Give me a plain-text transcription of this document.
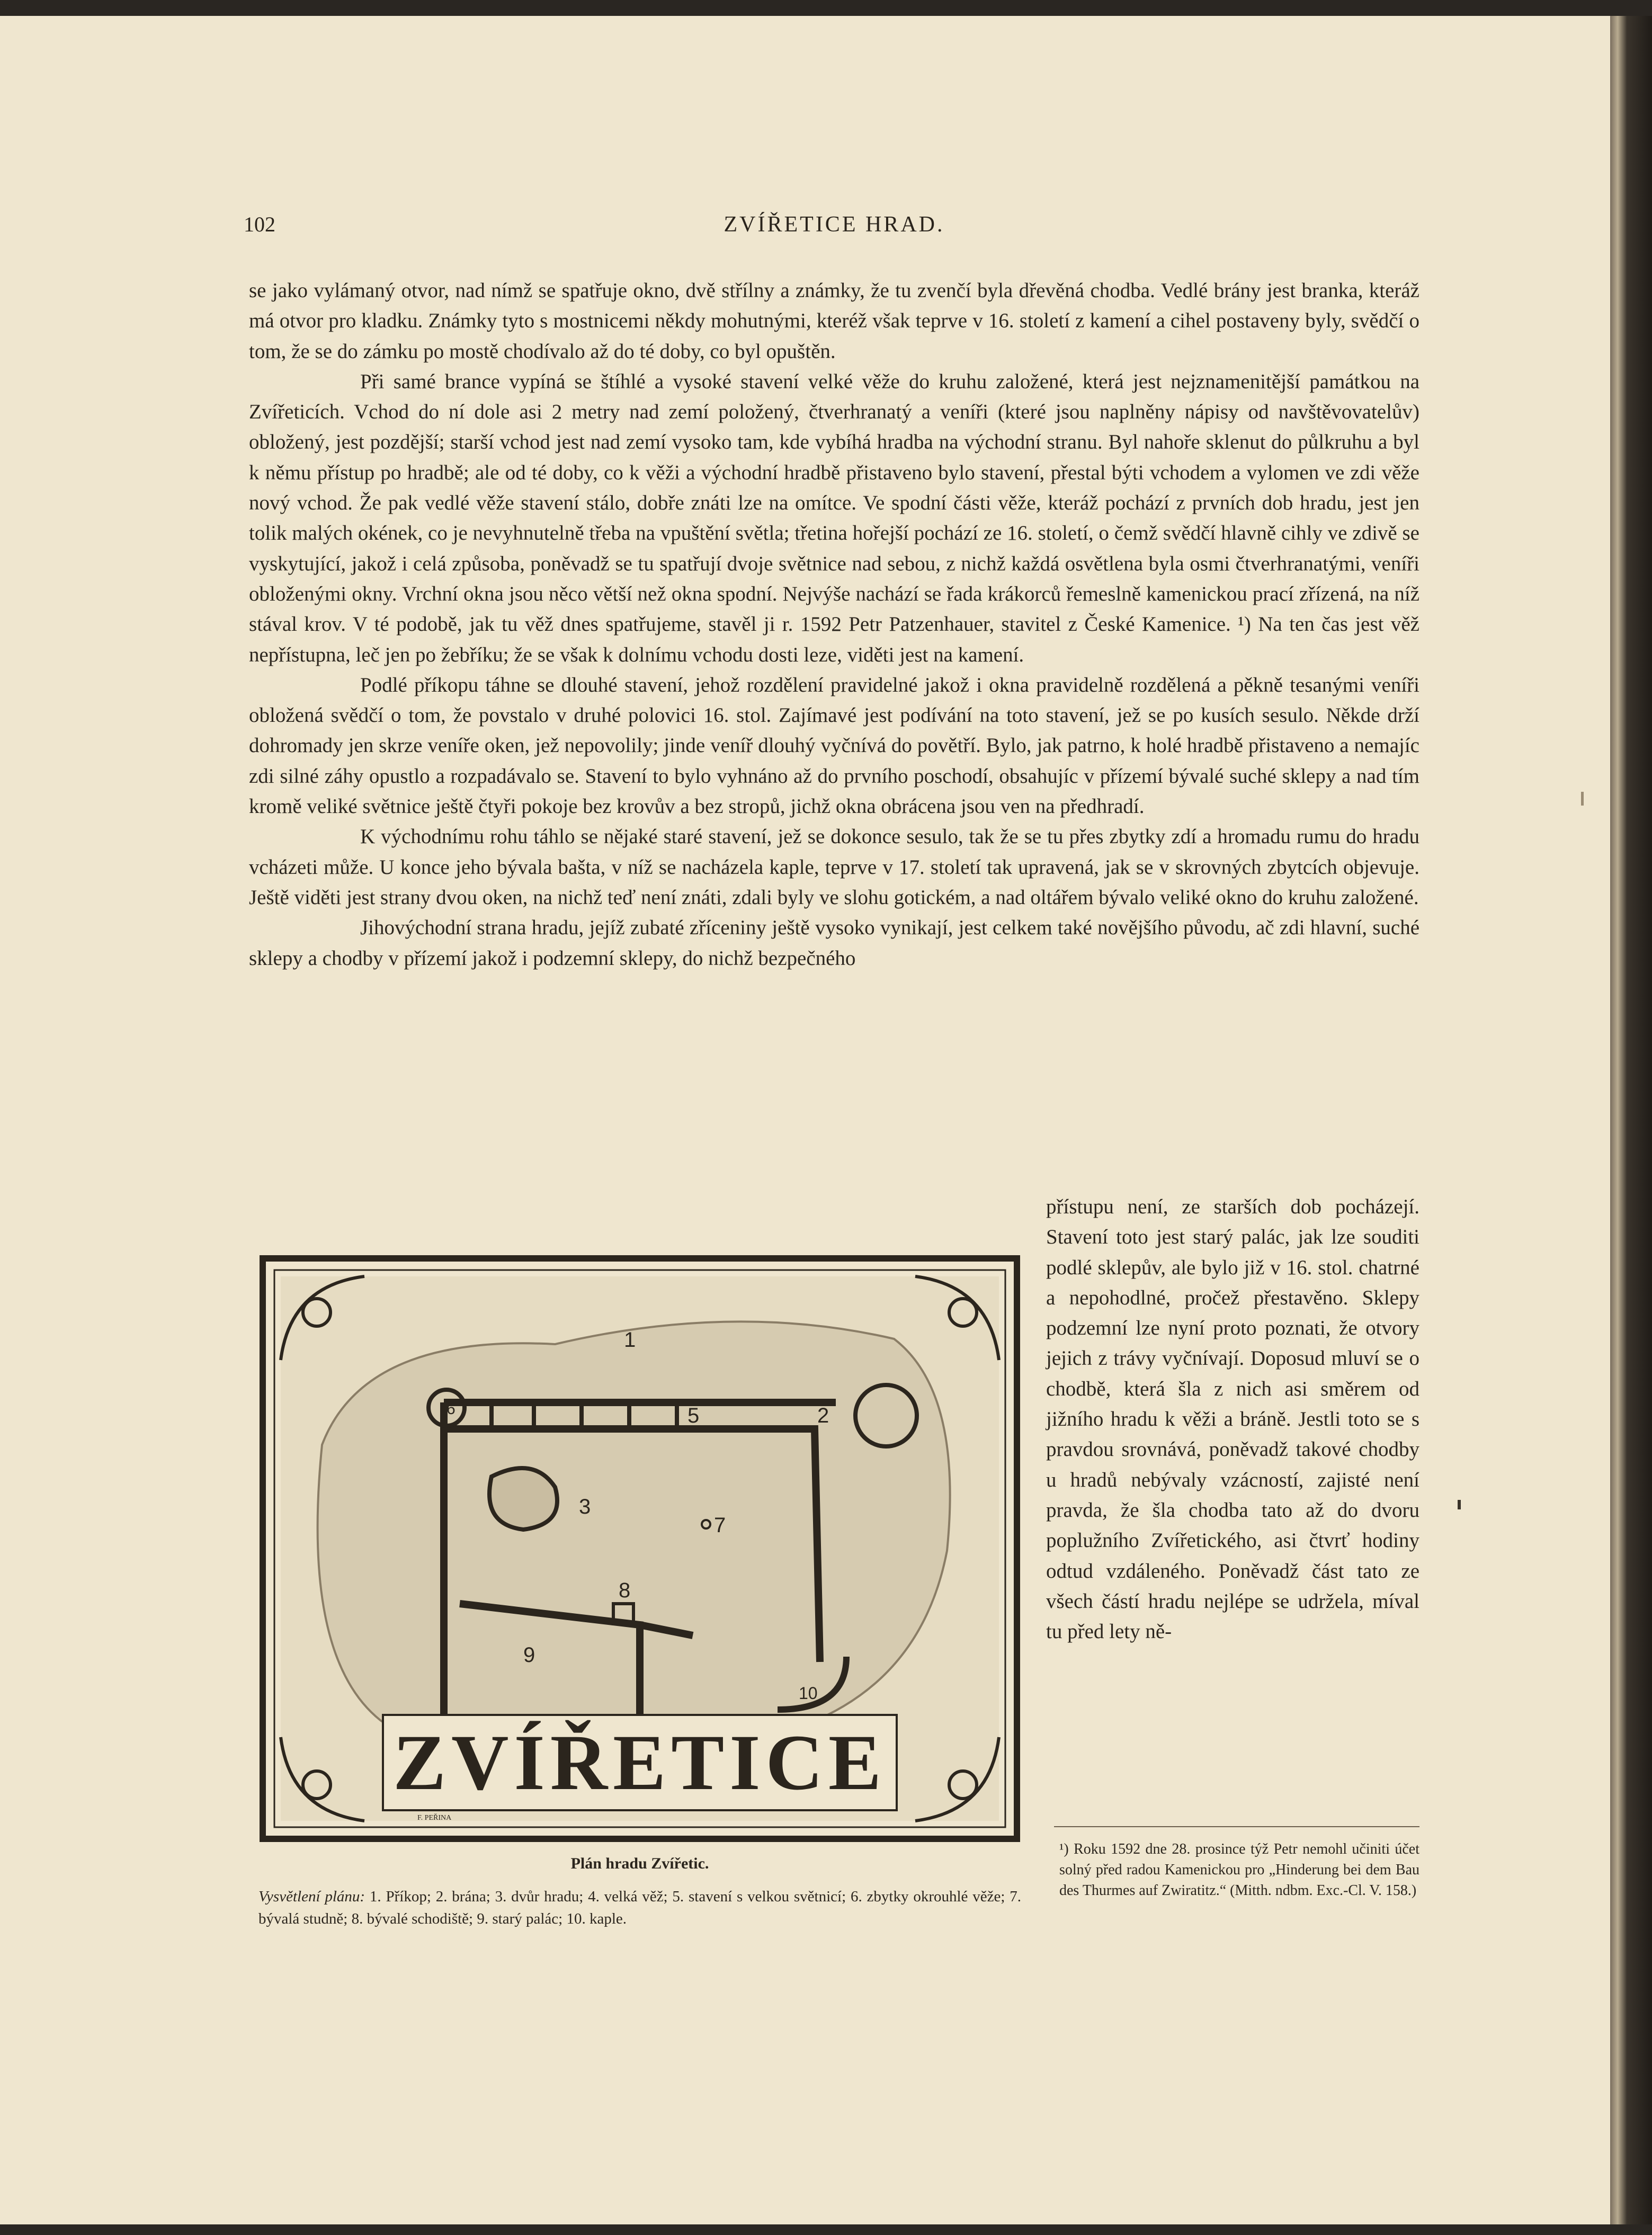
102	ZVÍŘETICE HRAD.

se jako vylámaný otvor, nad nímž se spatřuje okno, dvě střílny a známky, že tu zvenčí byla dřevěná chodba. Vedlé brány jest branka, kteráž má otvor pro kladku. Známky tyto s mostnicemi někdy mohutnými, kteréž však teprve v 16. století z kamení a cihel postaveny byly, svědčí o tom, že se do zámku po mostě chodívalo až do té doby, co byl opuštěn.

Při samé brance vypíná se štíhlé a vysoké stavení velké věže do kruhu založené, která jest nejznamenitější památkou na Zvířeticích. Vchod do ní dole asi 2 metry nad zemí položený, čtverhranatý a veníři (které jsou naplněny nápisy od navštěvovatelův) obložený, jest pozdější; starší vchod jest nad zemí vysoko tam, kde vybíhá hradba na východní stranu. Byl nahoře sklenut do půlkruhu a byl k němu přístup po hradbě; ale od té doby, co k věži a východní hradbě přistaveno bylo stavení, přestal býti vchodem a vylomen ve zdi věže nový vchod. Že pak vedlé věže stavení stálo, dobře znáti lze na omítce. Ve spodní části věže, kteráž pochází z prvních dob hradu, jest jen tolik malých okének, co je nevyhnutelně třeba na vpuštění světla; třetina hořejší pochází ze 16. století, o čemž svědčí hlavně cihly ve zdivě se vyskytující, jakož i celá způsoba, poněvadž se tu spatřují dvoje světnice nad sebou, z nichž každá osvětlena byla osmi čtverhranatými, veníři obloženými okny. Vrchní okna jsou něco větší než okna spodní. Nejvýše nachází se řada krákorců řemeslně kamenickou prací zřízená, na níž stával krov. V té podobě, jak tu věž dnes spatřujeme, stavěl ji r. 1592 Petr Patzenhauer, stavitel z České Kamenice. ¹) Na ten čas jest věž nepřístupna, leč jen po žebříku; že se však k dolnímu vchodu dosti leze, viděti jest na kamení.

Podlé příkopu táhne se dlouhé stavení, jehož rozdělení pravidelné jakož i okna pravidelně rozdělená a pěkně tesanými veníři obložená svědčí o tom, že povstalo v druhé polovici 16. stol. Zajímavé jest podívání na toto stavení, jež se po kusích sesulo. Někde drží dohromady jen skrze veníře oken, jež nepovolily; jinde veníř dlouhý vyčnívá do povětří. Bylo, jak patrno, k holé hradbě přistaveno a nemajíc zdi silné záhy opustlo a rozpadávalo se. Stavení to bylo vyhnáno až do prvního poschodí, obsahujíc v přízemí bývalé suché sklepy a nad tím kromě veliké světnice ještě čtyři pokoje bez krovův a bez stropů, jichž okna obrácena jsou ven na předhradí.

K východnímu rohu táhlo se nějaké staré stavení, jež se dokonce sesulo, tak že se tu přes zbytky zdí a hromadu rumu do hradu vcházeti může. U konce jeho bývala bašta, v níž se nacházela kaple, teprve v 17. století tak upravená, jak se v skrovných zbytcích objevuje. Ještě viděti jest strany dvou oken, na nichž teď není znáti, zdali byly ve slohu gotickém, a nad oltářem bývalo veliké okno do kruhu založené.

Jihovýchodní strana hradu, jejíž zubaté zříceniny ještě vysoko vynikají, jest celkem také novějšího původu, ač zdi hlavní, suché sklepy a chodby v přízemí jakož i podzemní sklepy, do nichž bezpečného

přístupu není, ze starších dob pocházejí. Stavení toto jest starý palác, jak lze souditi podlé sklepův, ale bylo již v 16. stol. chatrné a nepohodlné, pročež přestavěno. Sklepy podzemní lze nyní proto poznati, že otvory jejich z trávy vyčnívají. Doposud mluví se o chodbě, která šla z nich asi směrem od jižního hradu k věži a bráně. Jestli toto se s pravdou srovnává, poněvadž takové chodby u hradů nebývaly vzácností, zajisté není pravda, že šla chodba tato až do dvoru poplužního Zvířetického, asi čtvrť hodiny odtud vzdáleného. Poněvadž část tato ze všech částí hradu nejlépe se udržela, míval tu před lety ně-

1
2
3
5
6
7
8
9
10
ZVÍŘETICE
F. PEŘINA
Plán hradu Zvířetic.
Vysvětlení plánu: 1. Příkop; 2. brána; 3. dvůr hradu; 4. velká věž; 5. stavení s velkou světnicí; 6. zbytky okrouhlé věže; 7. bývalá studně; 8. bývalé schodiště; 9. starý palác; 10. kaple.
¹) Roku 1592 dne 28. prosince týž Petr nemohl učiniti účet solný před radou Kamenickou pro „Hinderung bei dem Bau des Thurmes auf Zwiratitz.“ (Mitth. ndbm. Exc.-Cl. V. 158.)
